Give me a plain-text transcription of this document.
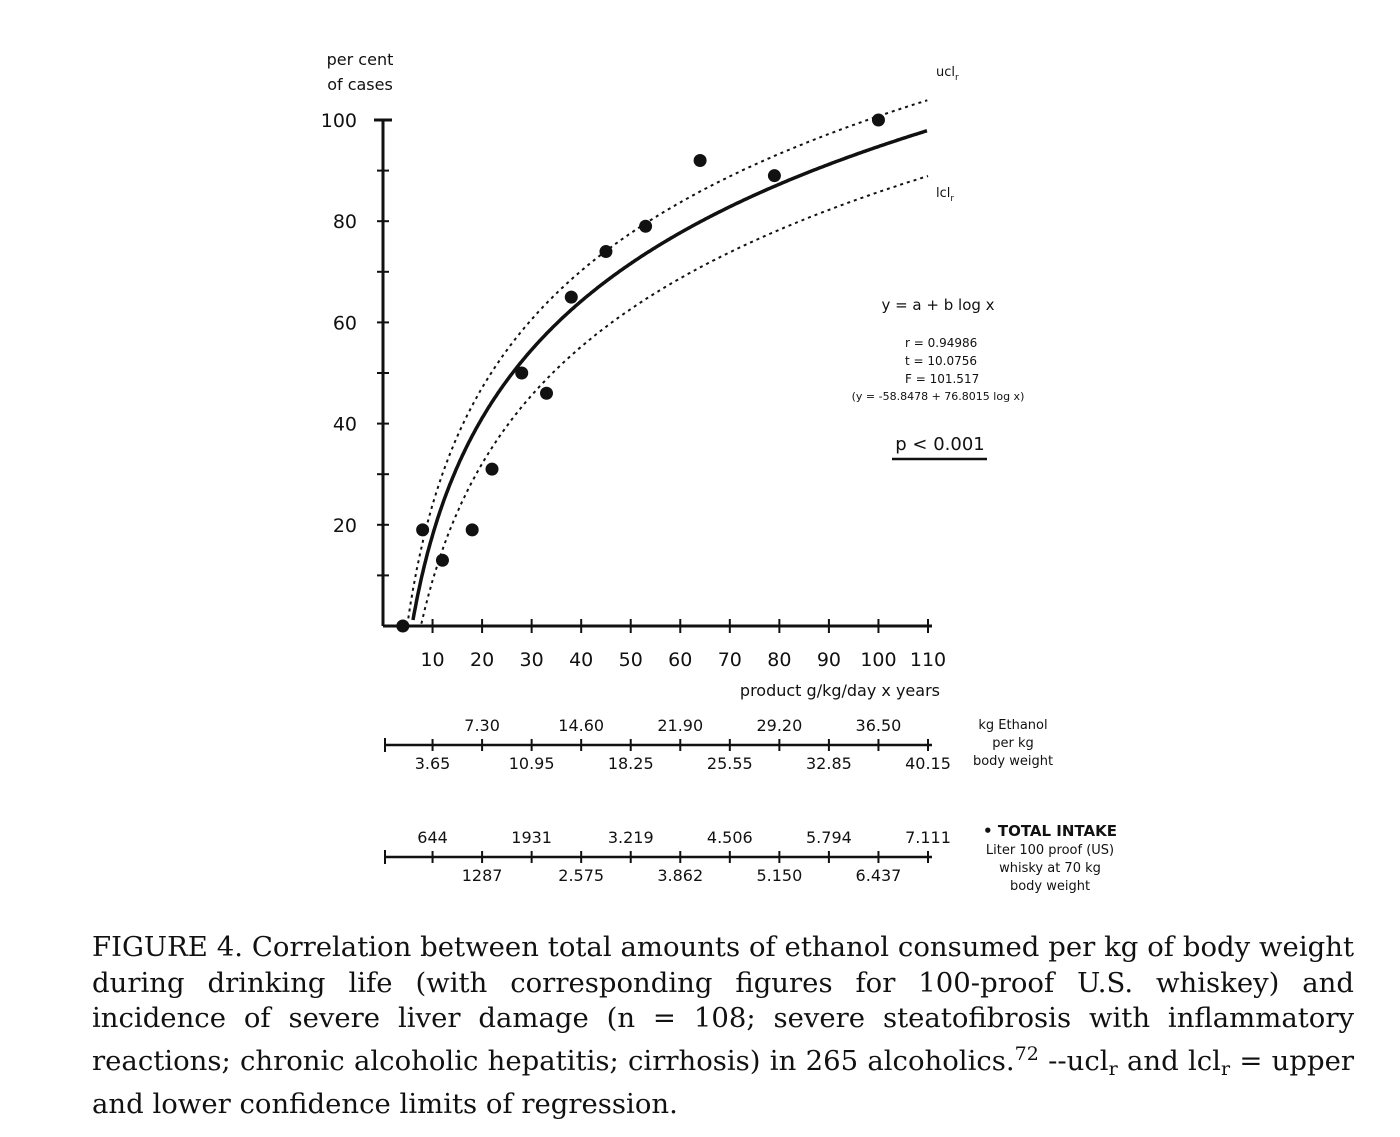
20
40
60
80
100
10 20 30 40 50 60 70 80 90 100 110
per cent
of cases
product g/kg/day x years
ucl$_r$
lcl$_r$
y = a + b log x
r = 0.94986
t = 10.0756
F = 101.517
(y = -58.8478 + 76.8015 log x)
p < 0.001
7.30	14.60	21.90	29.20	36.50
3.65	10.95	18.25	25.55	32.85	40.15
kg Ethanol
per kg
body weight
644	1931	3.219	4.506	5.794	7.111
1287	2.575	3.862	5.150	6.437
• TOTAL INTAKE
Liter 100 proof (US)
whisky at 70 kg
body weight

FIGURE 4. Correlation between total amounts of ethanol consumed per kg of body weight during drinking life (with corresponding figures for 100-proof U.S. whiskey) and incidence of severe liver damage (n = 108; severe steatofibrosis with inflammatory reactions; chronic alcoholic hepatitis; cirrhosis) in 265 alcoholics.$^{72}$ --uclr and lclr = upper and lower confidence limits of regression.
